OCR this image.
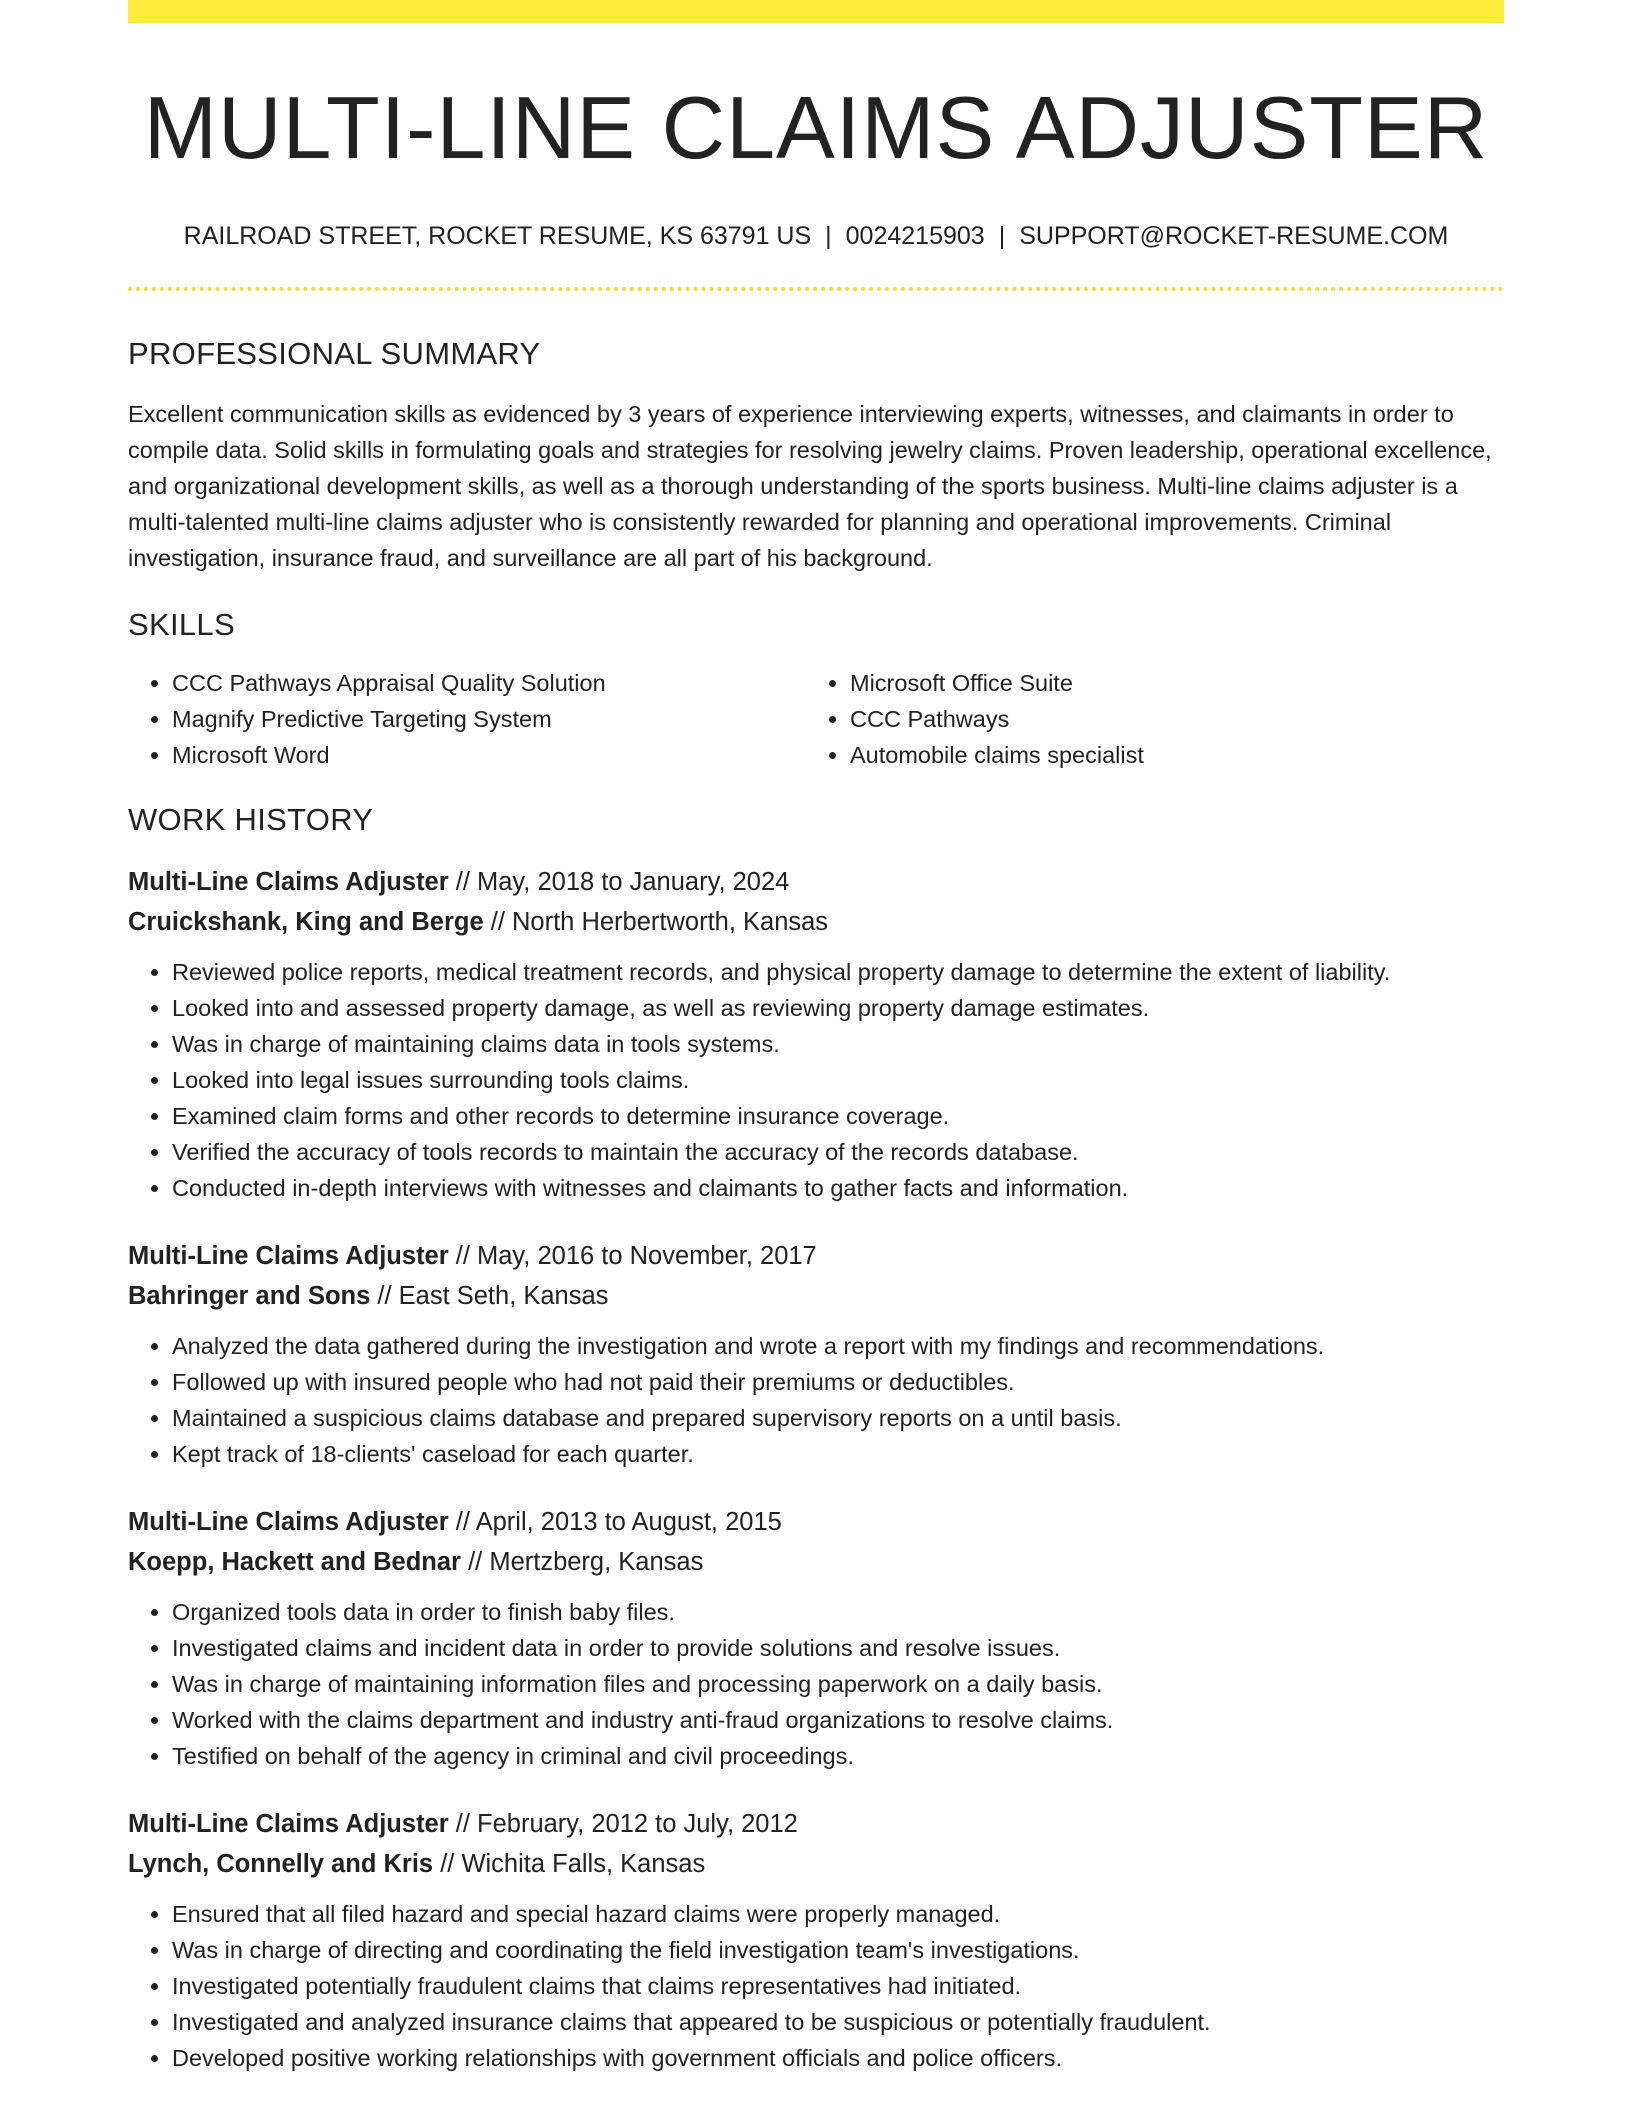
MULTI-LINE CLAIMS ADJUSTER
RAILROAD STREET, ROCKET RESUME, KS 63791 US | 0024215903 | SUPPORT@ROCKET-RESUME.COM
PROFESSIONAL SUMMARY
Excellent communication skills as evidenced by 3 years of experience interviewing experts, witnesses, and claimants in order to compile data. Solid skills in formulating goals and strategies for resolving jewelry claims. Proven leadership, operational excellence, and organizational development skills, as well as a thorough understanding of the sports business. Multi-line claims adjuster is a multi-talented multi-line claims adjuster who is consistently rewarded for planning and operational improvements. Criminal investigation, insurance fraud, and surveillance are all part of his background.
SKILLS
• CCC Pathways Appraisal Quality Solution
• Magnify Predictive Targeting System
• Microsoft Word
• Microsoft Office Suite
• CCC Pathways
• Automobile claims specialist
WORK HISTORY
Multi-Line Claims Adjuster // May, 2018 to January, 2024
Cruickshank, King and Berge // North Herbertworth, Kansas
• Reviewed police reports, medical treatment records, and physical property damage to determine the extent of liability.
• Looked into and assessed property damage, as well as reviewing property damage estimates.
• Was in charge of maintaining claims data in tools systems.
• Looked into legal issues surrounding tools claims.
• Examined claim forms and other records to determine insurance coverage.
• Verified the accuracy of tools records to maintain the accuracy of the records database.
• Conducted in-depth interviews with witnesses and claimants to gather facts and information.
Multi-Line Claims Adjuster // May, 2016 to November, 2017
Bahringer and Sons // East Seth, Kansas
• Analyzed the data gathered during the investigation and wrote a report with my findings and recommendations.
• Followed up with insured people who had not paid their premiums or deductibles.
• Maintained a suspicious claims database and prepared supervisory reports on a until basis.
• Kept track of 18-clients' caseload for each quarter.
Multi-Line Claims Adjuster // April, 2013 to August, 2015
Koepp, Hackett and Bednar // Mertzberg, Kansas
• Organized tools data in order to finish baby files.
• Investigated claims and incident data in order to provide solutions and resolve issues.
• Was in charge of maintaining information files and processing paperwork on a daily basis.
• Worked with the claims department and industry anti-fraud organizations to resolve claims.
• Testified on behalf of the agency in criminal and civil proceedings.
Multi-Line Claims Adjuster // February, 2012 to July, 2012
Lynch, Connelly and Kris // Wichita Falls, Kansas
• Ensured that all filed hazard and special hazard claims were properly managed.
• Was in charge of directing and coordinating the field investigation team's investigations.
• Investigated potentially fraudulent claims that claims representatives had initiated.
• Investigated and analyzed insurance claims that appeared to be suspicious or potentially fraudulent.
• Developed positive working relationships with government officials and police officers.
